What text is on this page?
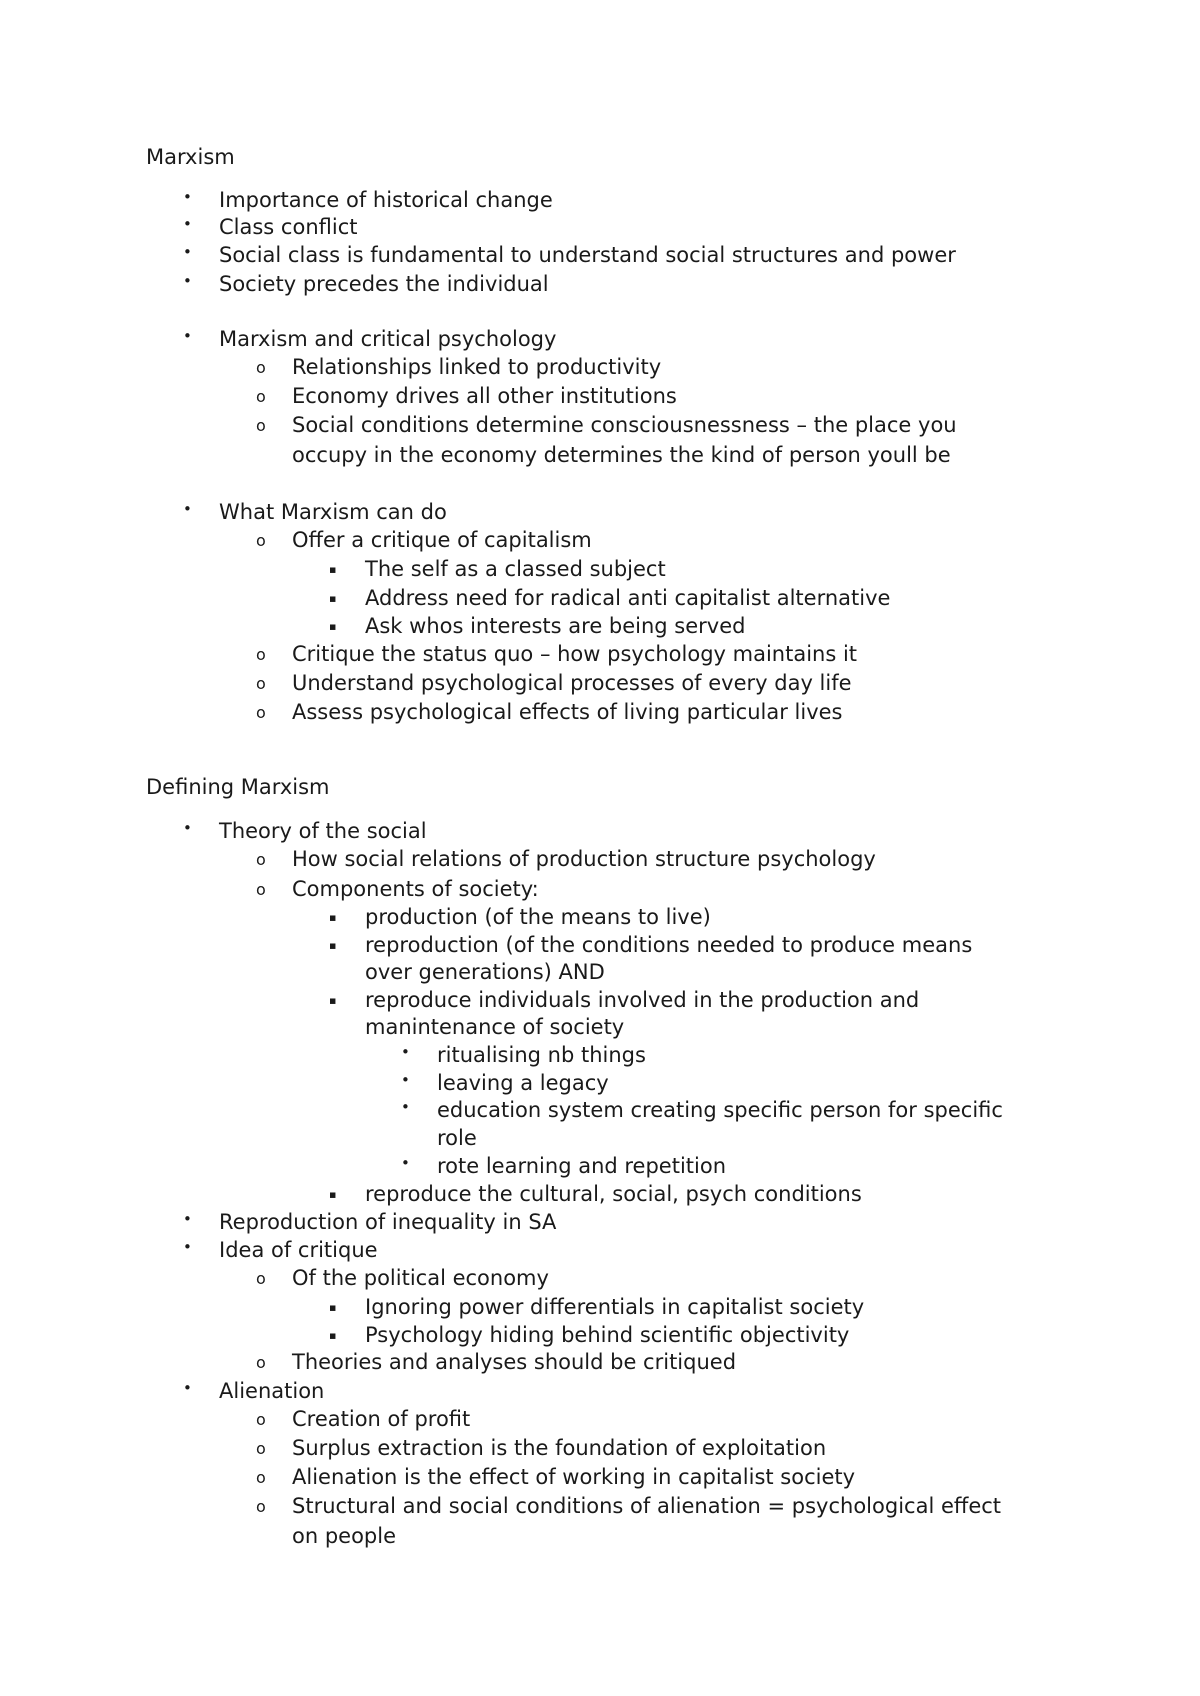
Marxism
• Importance of historical change
• Class conflict
• Social class is fundamental to understand social structures and power
• Society precedes the individual
• Marxism and critical psychology
o Relationships linked to productivity
o Economy drives all other institutions
o Social conditions determine consciousnessness – the place you
occupy in the economy determines the kind of person youll be
• What Marxism can do
o Offer a critique of capitalism
▪ The self as a classed subject
▪ Address need for radical anti capitalist alternative
▪ Ask whos interests are being served
o Critique the status quo – how psychology maintains it
o Understand psychological processes of every day life
o Assess psychological effects of living particular lives
Defining Marxism
• Theory of the social
o How social relations of production structure psychology
o Components of society:
▪ production (of the means to live)
▪ reproduction (of the conditions needed to produce means
over generations) AND
▪ reproduce individuals involved in the production and
manintenance of society
• ritualising nb things
• leaving a legacy
• education system creating specific person for specific
role
• rote learning and repetition
▪ reproduce the cultural, social, psych conditions
• Reproduction of inequality in SA
• Idea of critique
o Of the political economy
▪ Ignoring power differentials in capitalist society
▪ Psychology hiding behind scientific objectivity
o Theories and analyses should be critiqued
• Alienation
o Creation of profit
o Surplus extraction is the foundation of exploitation
o Alienation is the effect of working in capitalist society
o Structural and social conditions of alienation = psychological effect
on people
